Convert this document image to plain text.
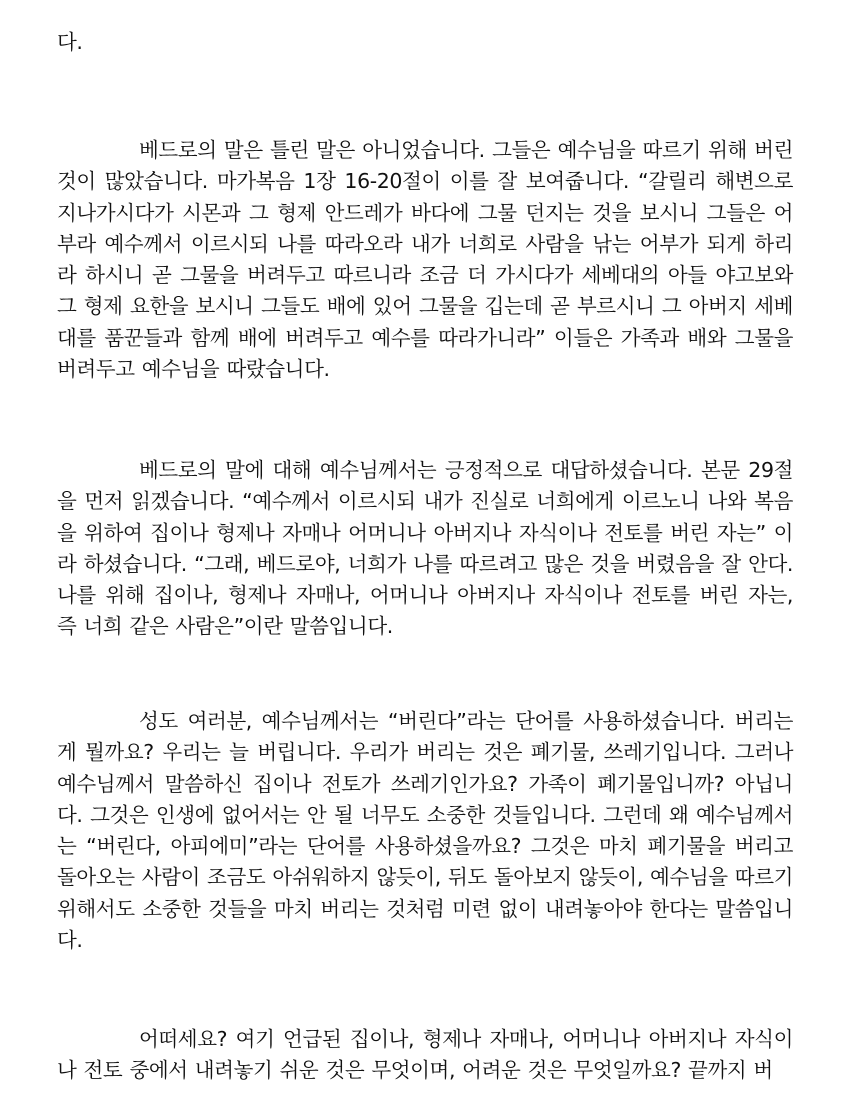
다.

베드로의 말은 틀린 말은 아니었습니다. 그들은 예수님을 따르기 위해 버린 것이 많았습니다. 마가복음 1장 16-20절이 이를 잘 보여줍니다. “갈릴리 해변으로 지나가시다가 시몬과 그 형제 안드레가 바다에 그물 던지는 것을 보시니 그들은 어부라 예수께서 이르시되 나를 따라오라 내가 너희로 사람을 낚는 어부가 되게 하리라 하시니 곧 그물을 버려두고 따르니라 조금 더 가시다가 세베대의 아들 야고보와 그 형제 요한을 보시니 그들도 배에 있어 그물을 깁는데 곧 부르시니 그 아버지 세베대를 품꾼들과 함께 배에 버려두고 예수를 따라가니라” 이들은 가족과 배와 그물을 버려두고 예수님을 따랐습니다.

베드로의 말에 대해 예수님께서는 긍정적으로 대답하셨습니다. 본문 29절을 먼저 읽겠습니다. “예수께서 이르시되 내가 진실로 너희에게 이르노니 나와 복음을 위하여 집이나 형제나 자매나 어머니나 아버지나 자식이나 전토를 버린 자는” 이라 하셨습니다. “그래, 베드로야, 너희가 나를 따르려고 많은 것을 버렸음을 잘 안다. 나를 위해 집이나, 형제나 자매나, 어머니나 아버지나 자식이나 전토를 버린 자는, 즉 너희 같은 사람은”이란 말씀입니다.

성도 여러분, 예수님께서는 “버린다”라는 단어를 사용하셨습니다. 버리는 게 뭘까요? 우리는 늘 버립니다. 우리가 버리는 것은 폐기물, 쓰레기입니다. 그러나 예수님께서 말씀하신 집이나 전토가 쓰레기인가요? 가족이 폐기물입니까? 아닙니다. 그것은 인생에 없어서는 안 될 너무도 소중한 것들입니다. 그런데 왜 예수님께서는 “버린다, 아피에미”라는 단어를 사용하셨을까요? 그것은 마치 폐기물을 버리고 돌아오는 사람이 조금도 아쉬워하지 않듯이, 뒤도 돌아보지 않듯이, 예수님을 따르기 위해서도 소중한 것들을 마치 버리는 것처럼 미련 없이 내려놓아야 한다는 말씀입니다.

어떠세요? 여기 언급된 집이나, 형제나 자매나, 어머니나 아버지나 자식이나 전토 중에서 내려놓기 쉬운 것은 무엇이며, 어려운 것은 무엇일까요? 끝까지 버
